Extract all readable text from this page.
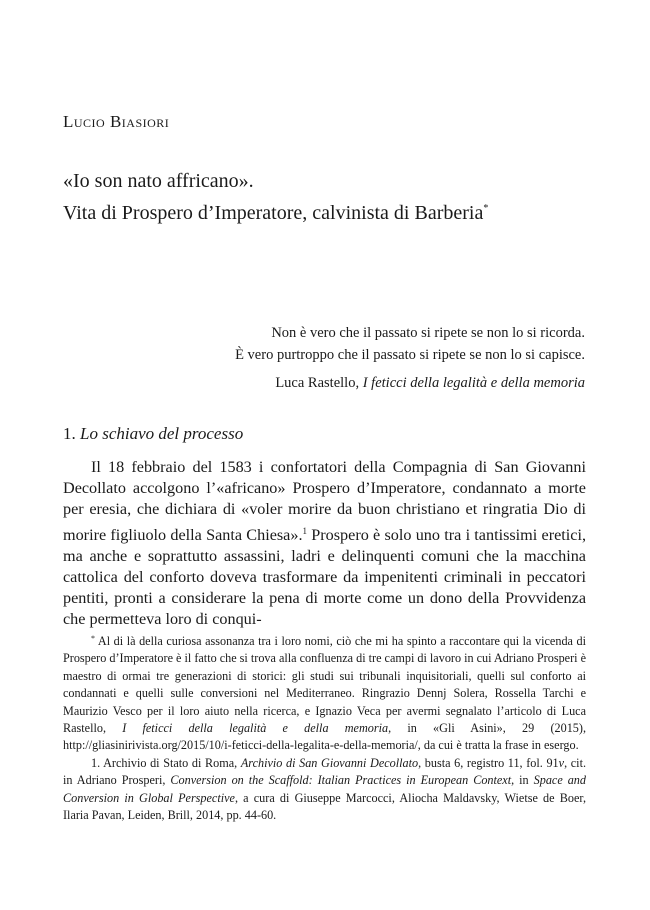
Lucio Biasiori
«Io son nato affricano».
Vita di Prospero d’Imperatore, calvinista di Barberia*
Non è vero che il passato si ripete se non lo si ricorda.
È vero purtroppo che il passato si ripete se non lo si capisce.
Luca Rastello, I feticci della legalità e della memoria
1. Lo schiavo del processo

Il 18 febbraio del 1583 i confortatori della Compagnia di San Giovanni Decollato accolgono l’«africano» Prospero d’Imperatore, condannato a morte per eresia, che dichiara di «voler morire da buon christiano et ringratia Dio di morire figliuolo della Santa Chiesa».$^1$ Prospero è solo uno tra i tantissimi eretici, ma anche e soprattutto assassini, ladri e delinquenti comuni che la macchina cattolica del conforto doveva trasformare da impenitenti criminali in peccatori pentiti, pronti a considerare la pena di morte come un dono della Provvidenza che permetteva loro di conqui-

* Al di là della curiosa assonanza tra i loro nomi, ciò che mi ha spinto a raccontare qui la vicenda di Prospero d’Imperatore è il fatto che si trova alla confluenza di tre campi di lavoro in cui Adriano Prosperi è maestro di ormai tre generazioni di storici: gli studi sui tribunali inquisitoriali, quelli sul conforto ai condannati e quelli sulle conversioni nel Mediterraneo. Ringrazio Dennj Solera, Rossella Tarchi e Maurizio Vesco per il loro aiuto nella ricerca, e Ignazio Veca per avermi segnalato l’articolo di Luca Rastello, I feticci della legalità e della memoria, in «Gli Asini», 29 (2015), http://gliasinirivista.org/2015/10/i-feticci-della-legalita-e-della-memoria/, da cui è tratta la frase in esergo.

1. Archivio di Stato di Roma, Archivio di San Giovanni Decollato, busta 6, registro 11, fol. 91v, cit. in Adriano Prosperi, Conversion on the Scaffold: Italian Practices in European Context, in Space and Conversion in Global Perspective, a cura di Giuseppe Marcocci, Aliocha Maldavsky, Wietse de Boer, Ilaria Pavan, Leiden, Brill, 2014, pp. 44-60.
